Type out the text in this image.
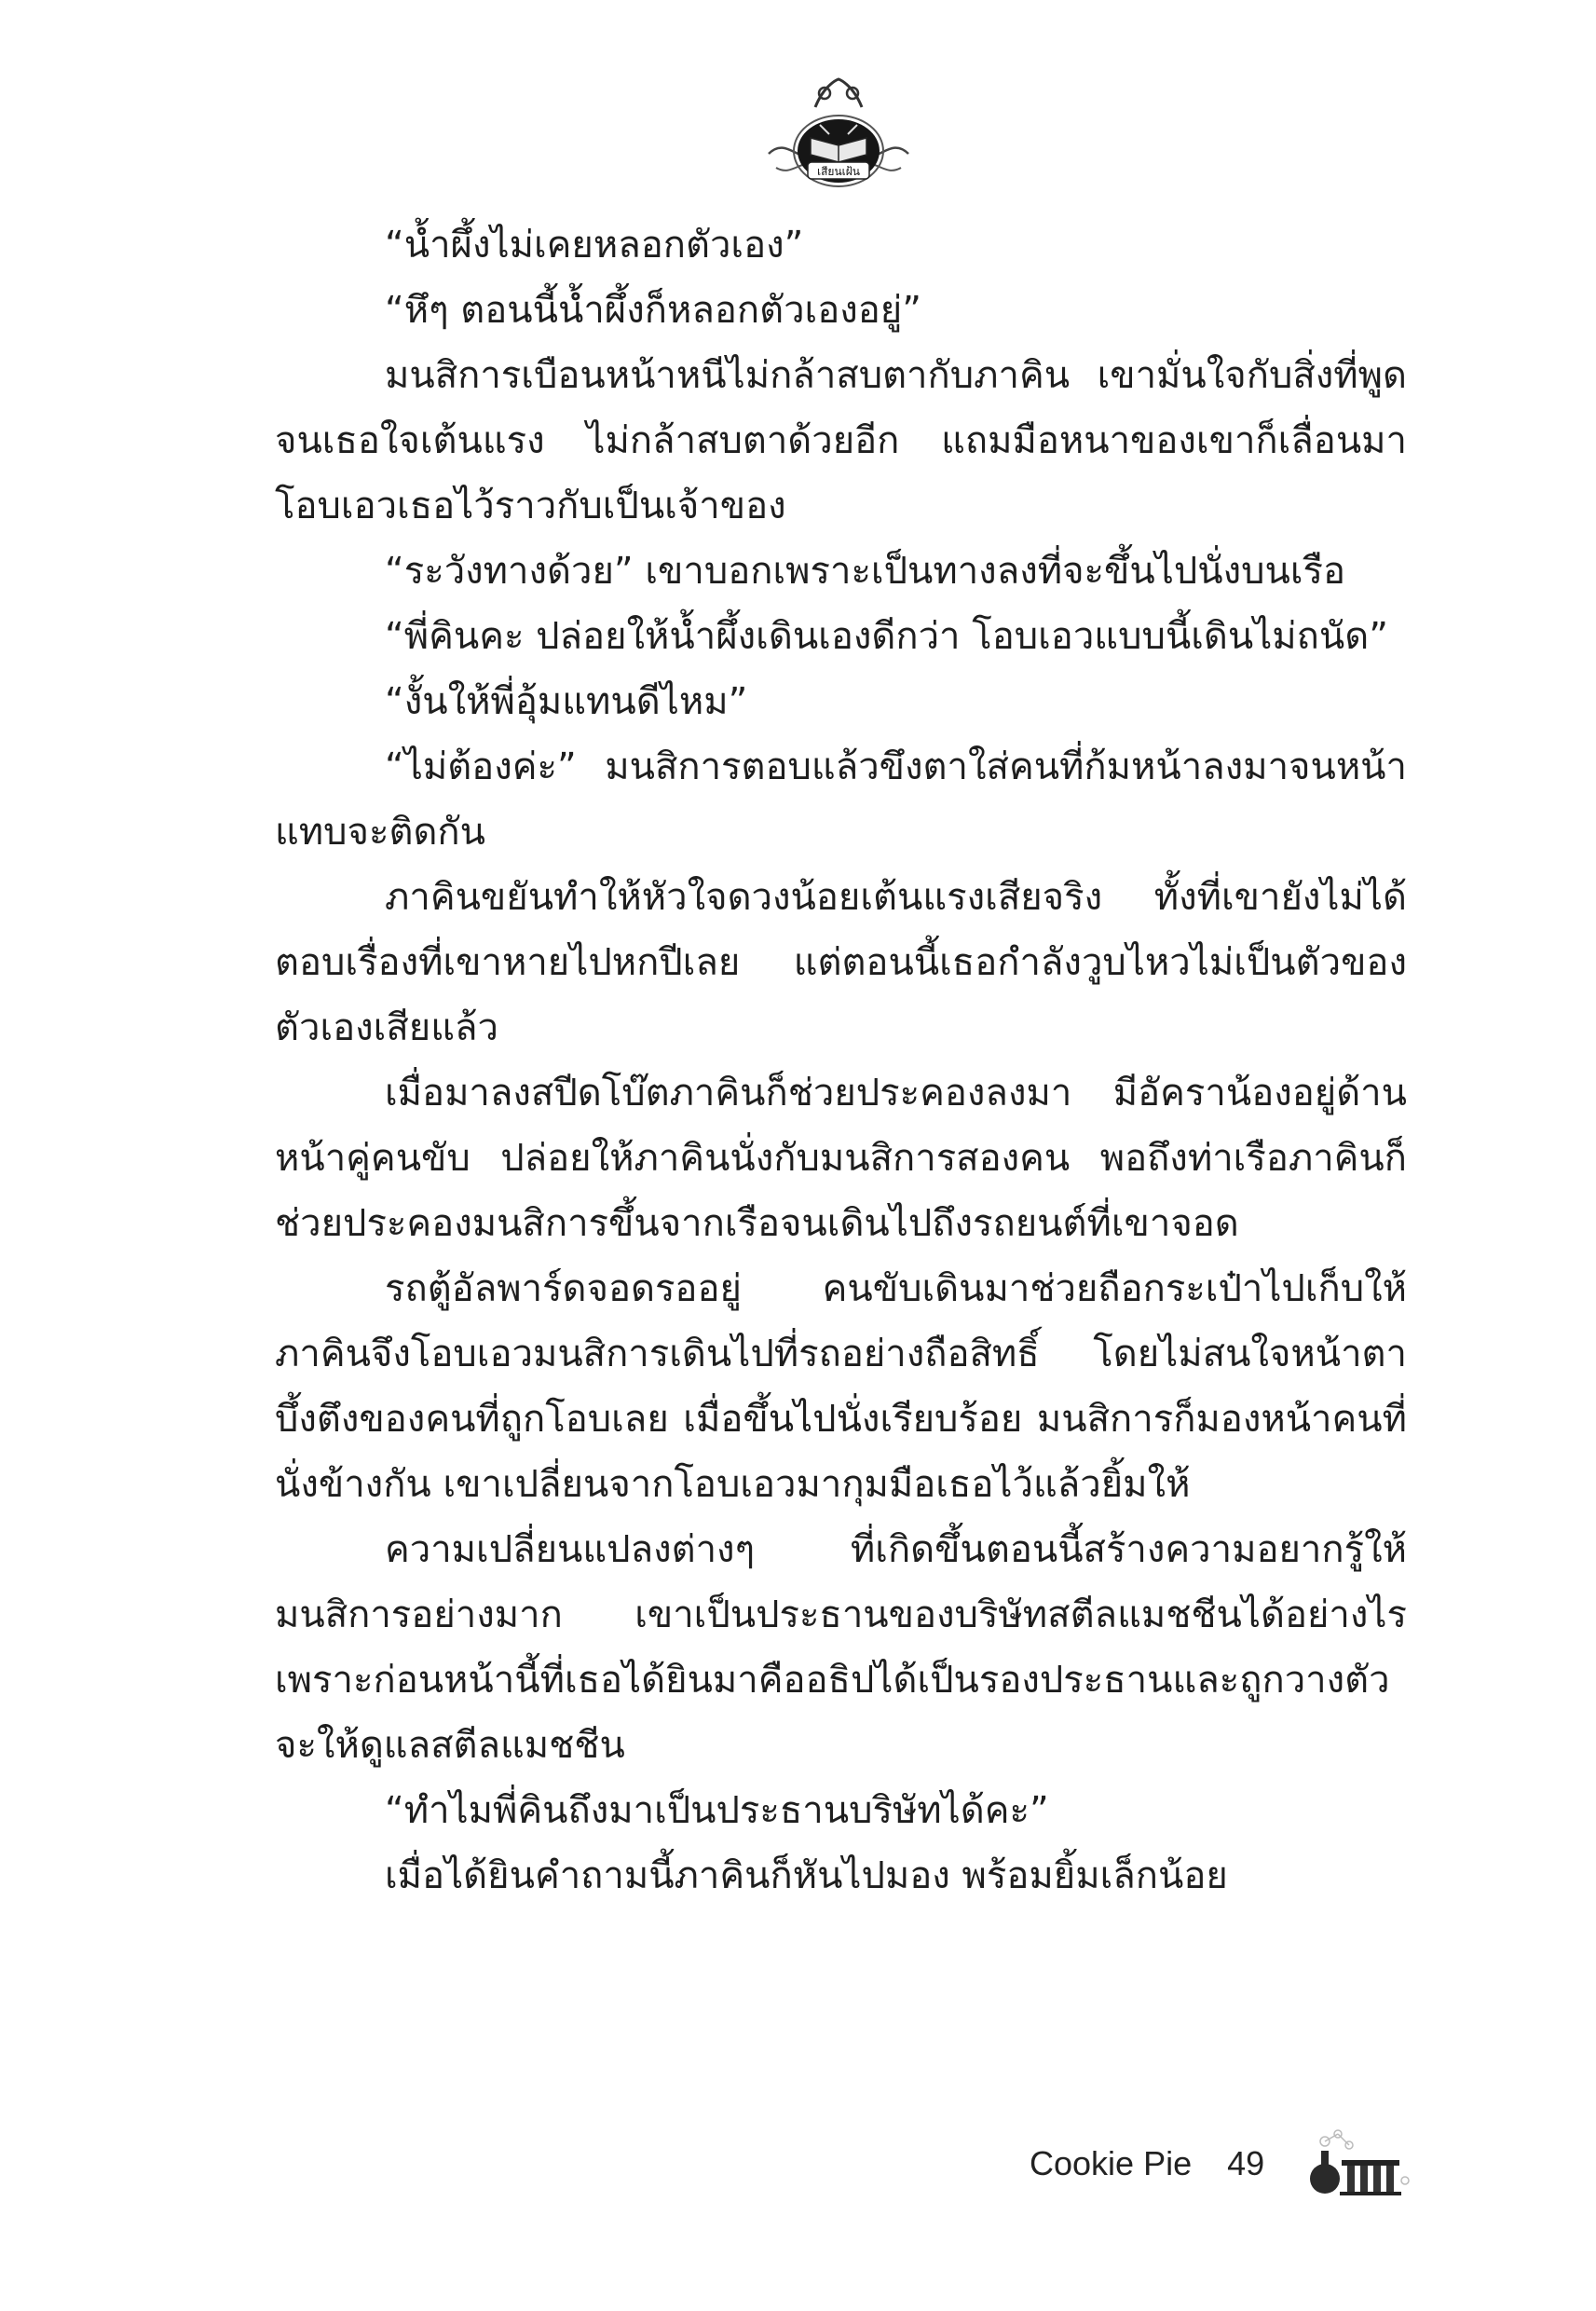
เสียนเฝ้น

“น้ำผึ้งไม่เคยหลอกตัวเอง”

“หึๆ ตอนนี้น้ำผึ้งก็หลอกตัวเองอยู่”

มนสิการเบือนหน้าหนีไม่กล้าสบตากับภาคิน เขามั่นใจกับสิ่งที่พูดจนเธอใจเต้นแรง ไม่กล้าสบตาด้วยอีก แถมมือหนาของเขาก็เลื่อนมาโอบเอวเธอไว้ราวกับเป็นเจ้าของ

“ระวังทางด้วย” เขาบอกเพราะเป็นทางลงที่จะขึ้นไปนั่งบนเรือ

“พี่คินคะ ปล่อยให้น้ำผึ้งเดินเองดีกว่า โอบเอวแบบนี้เดินไม่ถนัด”

“งั้นให้พี่อุ้มแทนดีไหม”

“ไม่ต้องค่ะ” มนสิการตอบแล้วขึงตาใส่คนที่ก้มหน้าลงมาจนหน้าแทบจะติดกัน

ภาคินขยันทำให้หัวใจดวงน้อยเต้นแรงเสียจริง ทั้งที่เขายังไม่ได้ตอบเรื่องที่เขาหายไปหกปีเลย แต่ตอนนี้เธอกำลังวูบไหวไม่เป็นตัวของตัวเองเสียแล้ว

เมื่อมาลงสปีดโบ๊ตภาคินก็ช่วยประคองลงมา มีอัคราน้องอยู่ด้านหน้าคู่คนขับ ปล่อยให้ภาคินนั่งกับมนสิการสองคน พอถึงท่าเรือภาคินก็ช่วยประคองมนสิการขึ้นจากเรือจนเดินไปถึงรถยนต์ที่เขาจอด

รถตู้อัลพาร์ดจอดรออยู่ คนขับเดินมาช่วยถือกระเป๋าไปเก็บให้ภาคินจึงโอบเอวมนสิการเดินไปที่รถอย่างถือสิทธิ์ โดยไม่สนใจหน้าตาบึ้งตึงของคนที่ถูกโอบเลย เมื่อขึ้นไปนั่งเรียบร้อย มนสิการก็มองหน้าคนที่นั่งข้างกัน เขาเปลี่ยนจากโอบเอวมากุมมือเธอไว้แล้วยิ้มให้

ความเปลี่ยนแปลงต่างๆ ที่เกิดขึ้นตอนนี้สร้างความอยากรู้ให้มนสิการอย่างมาก เขาเป็นประธานของบริษัทสตีลแมชชีนได้อย่างไรเพราะก่อนหน้านี้ที่เธอได้ยินมาคืออธิปได้เป็นรองประธานและถูกวางตัวจะให้ดูแลสตีลแมชชีน

“ทำไมพี่คินถึงมาเป็นประธานบริษัทได้คะ”

เมื่อได้ยินคำถามนี้ภาคินก็หันไปมอง พร้อมยิ้มเล็กน้อย

Cookie Pie 49
